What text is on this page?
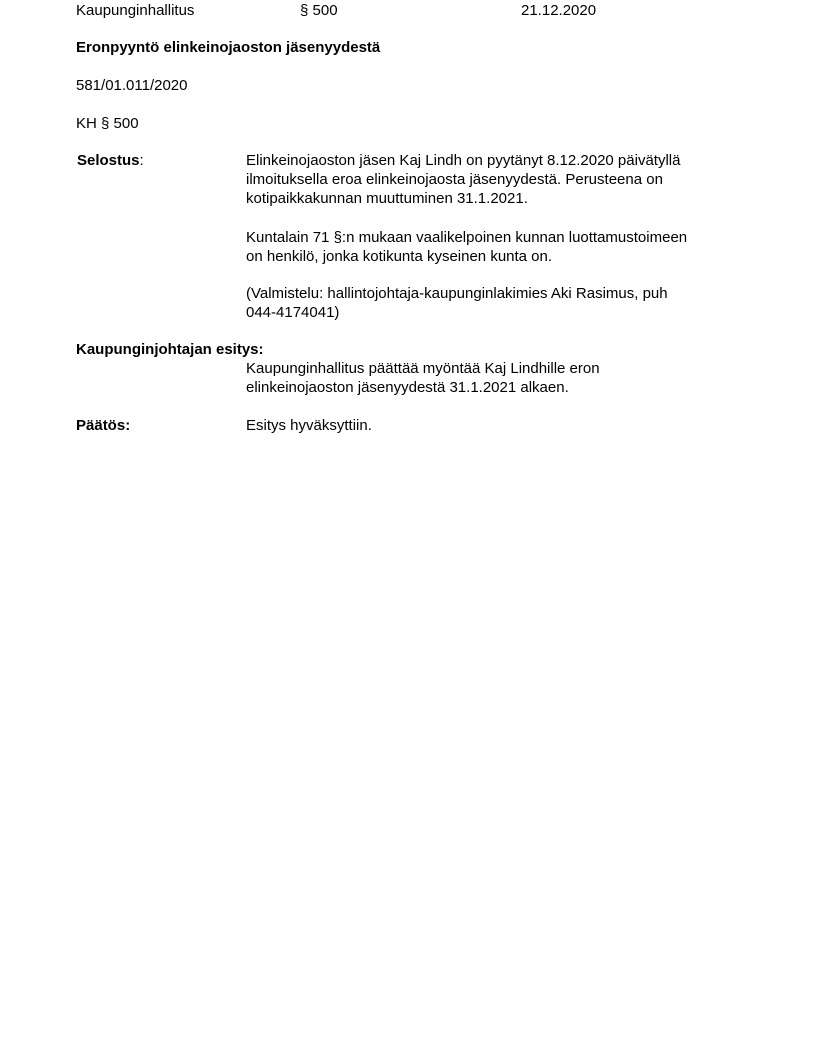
Kaupunginhallitus	§ 500	21.12.2020
Eronpyyntö elinkeinojaoston jäsenyydestä
581/01.011/2020
KH § 500
Selostus:	Elinkeinojaoston jäsen Kaj Lindh on pyytänyt 8.12.2020 päivätyllä

ilmoituksella eroa elinkeinojaosta jäsenyydestä. Perusteena on

kotipaikkakunnan muuttuminen 31.1.2021.

Kuntalain 71 §:n mukaan vaalikelpoinen kunnan luottamustoimeen

on henkilö, jonka kotikunta kyseinen kunta on.

(Valmistelu: hallintojohtaja-kaupunginlakimies Aki Rasimus, puh

044-4174041)

Kaupunginjohtajan esitys:

Kaupunginhallitus päättää myöntää Kaj Lindhille eron

elinkeinojaoston jäsenyydestä 31.1.2021 alkaen.

Päätös:	Esitys hyväksyttiin.
